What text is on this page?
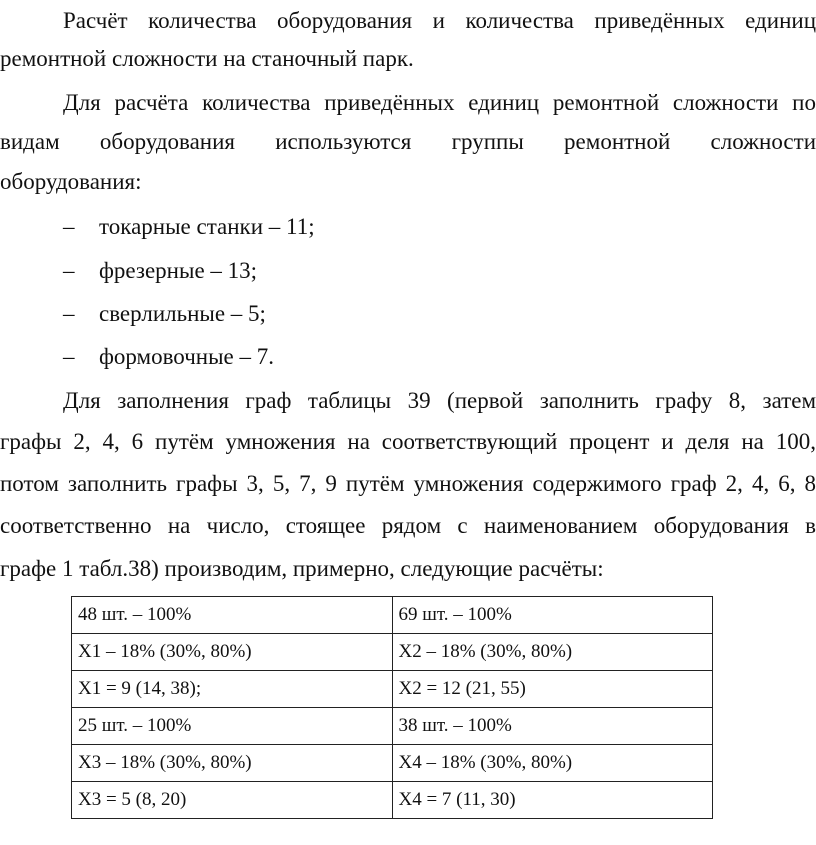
Расчёт количества оборудования и количества приведённых единиц

ремонтной сложности на станочный парк.

Для расчёта количества приведённых единиц ремонтной сложности по

видам оборудования используются группы ремонтной сложности

оборудования:

– токарные станки – 11;
– фрезерные – 13;
– сверлильные – 5;
– формовочные – 7.

Для заполнения граф таблицы 39 (первой заполнить графу 8, затем

графы 2, 4, 6 путём умножения на соответствующий процент и деля на 100,

потом заполнить графы 3, 5, 7, 9 путём умножения содержимого граф 2, 4, 6, 8

соответственно на число, стоящее рядом с наименованием оборудования в

графе 1 табл.38) производим, примерно, следующие расчёты:

48 шт. – 100%	69 шт. – 100%
X1 – 18% (30%, 80%)	X2 – 18% (30%, 80%)
X1 = 9 (14, 38);	X2 = 12 (21, 55)
25 шт. – 100%	38 шт. – 100%
X3 – 18% (30%, 80%)	X4 – 18% (30%, 80%)
X3 = 5 (8, 20)	X4 = 7 (11, 30)
